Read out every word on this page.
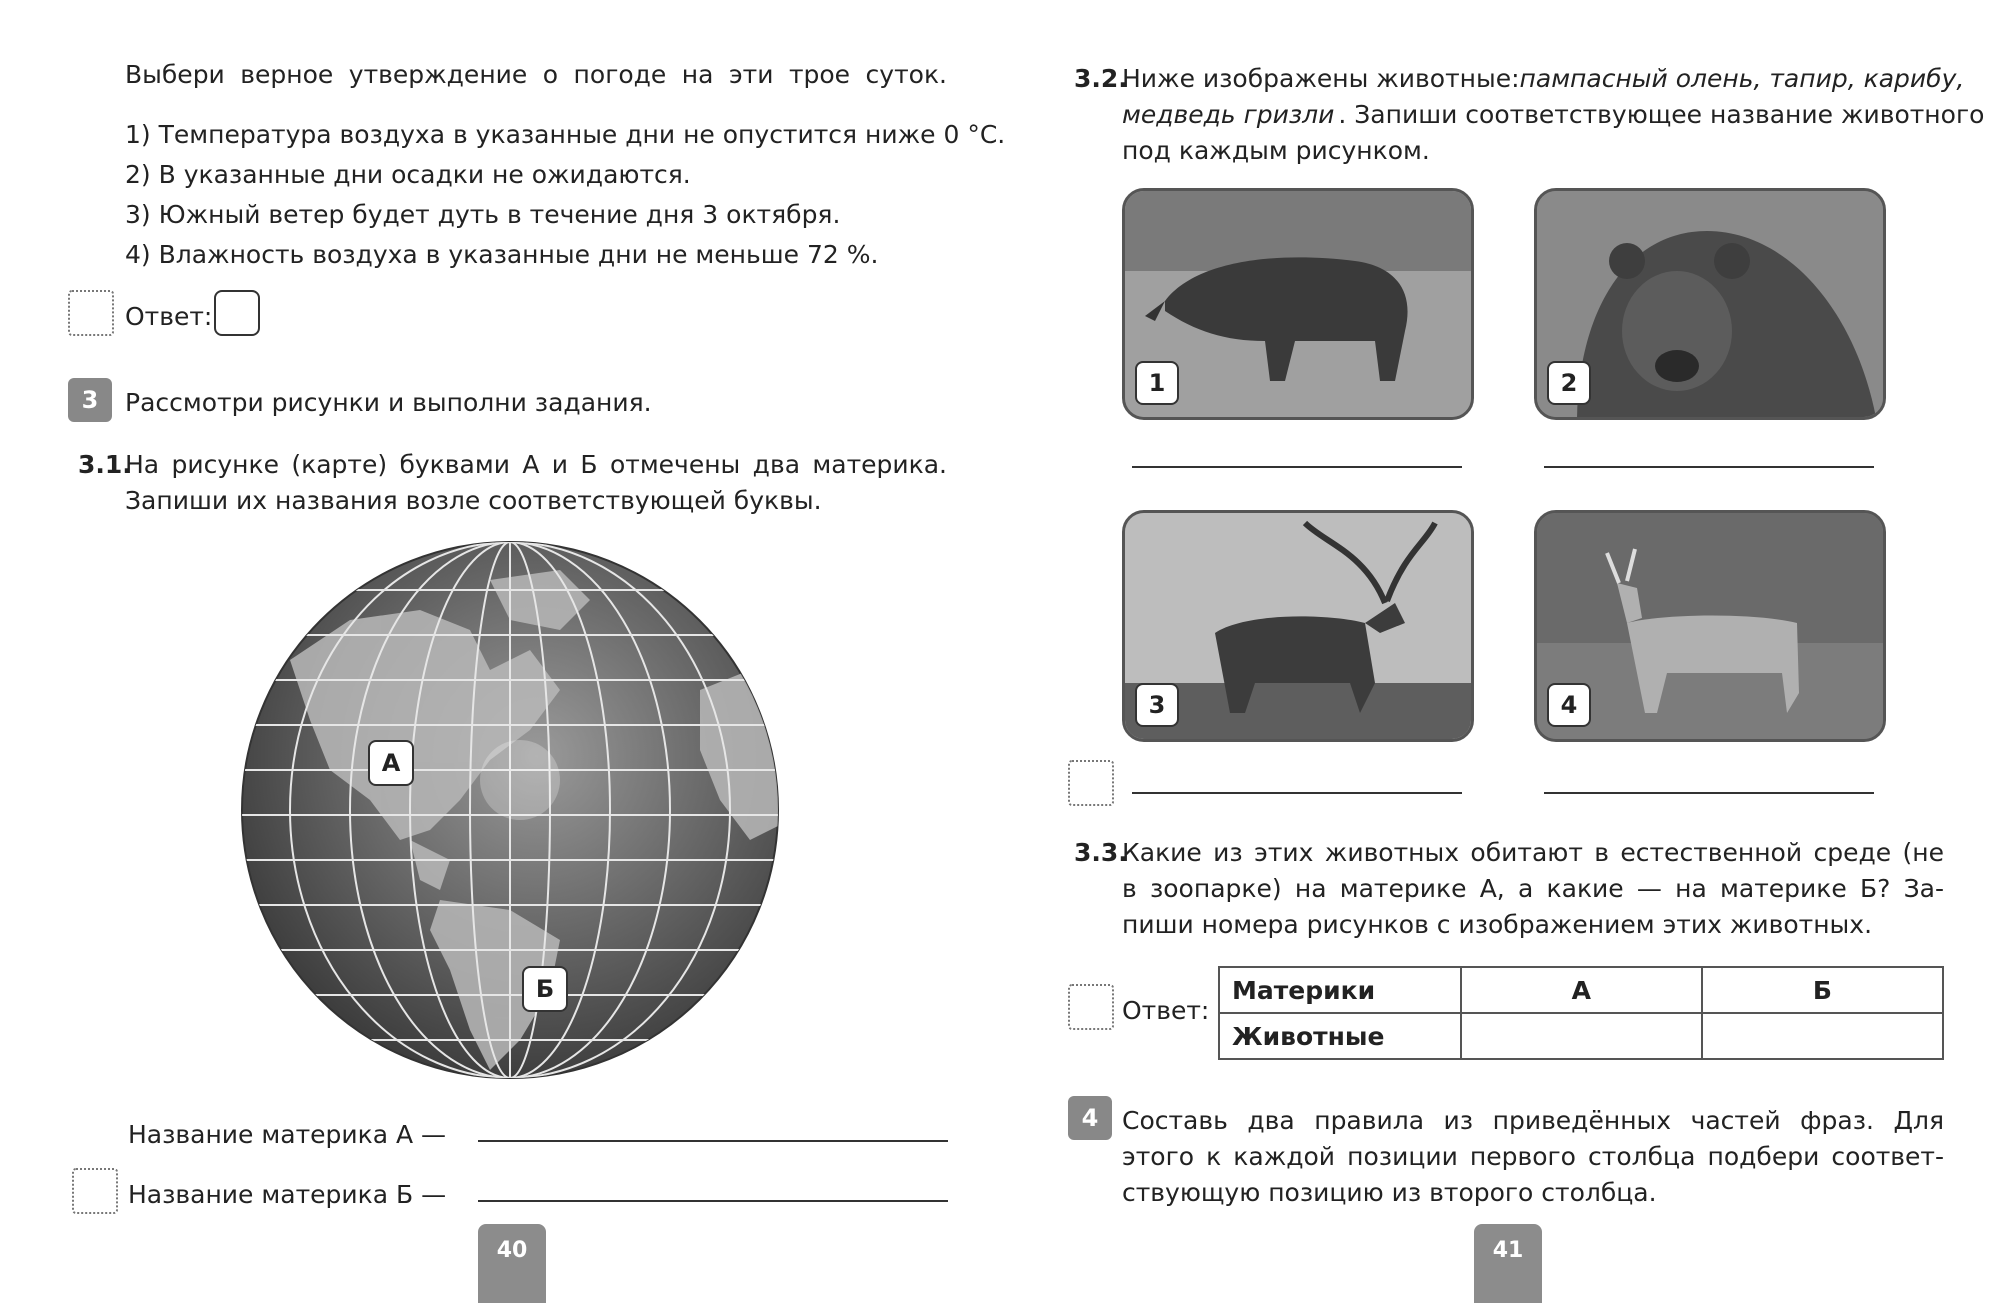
Выбери верное утверждение о погоде на эти трое суток.
1) Температура воздуха в указанные дни не опустится ниже 0 °С.
2) В указанные дни осадки не ожидаются.
3) Южный ветер будет дуть в течение дня 3 октября.
4) Влажность воздуха в указанные дни не меньше 72 %.
Ответ:
3	Рассмотри рисунки и выполни задания.
3.1.
На рисунке (карте) буквами А и Б отмечены два материка.
Запиши их названия возле соответствующей буквы.
А
Б
Название материка А —
Название материка Б —
40
3.2.
Ниже изображены животные: пампасный олень, тапир, карибу,
медведь гризли . Запиши соответствующее название животного
под каждым рисунком.
1	2
3	4
3.3.
Какие из этих животных обитают в естественной среде (не
в зоопарке) на материке А, а какие — на материке Б? За-
пиши номера рисунков с изображением этих животных.
Ответ:
Материки	А	Б
Животные		
4 Составь два правила из приведённых частей фраз. Для
этого к каждой позиции первого столбца подбери соответ-
ствующую позицию из второго столбца.
41
